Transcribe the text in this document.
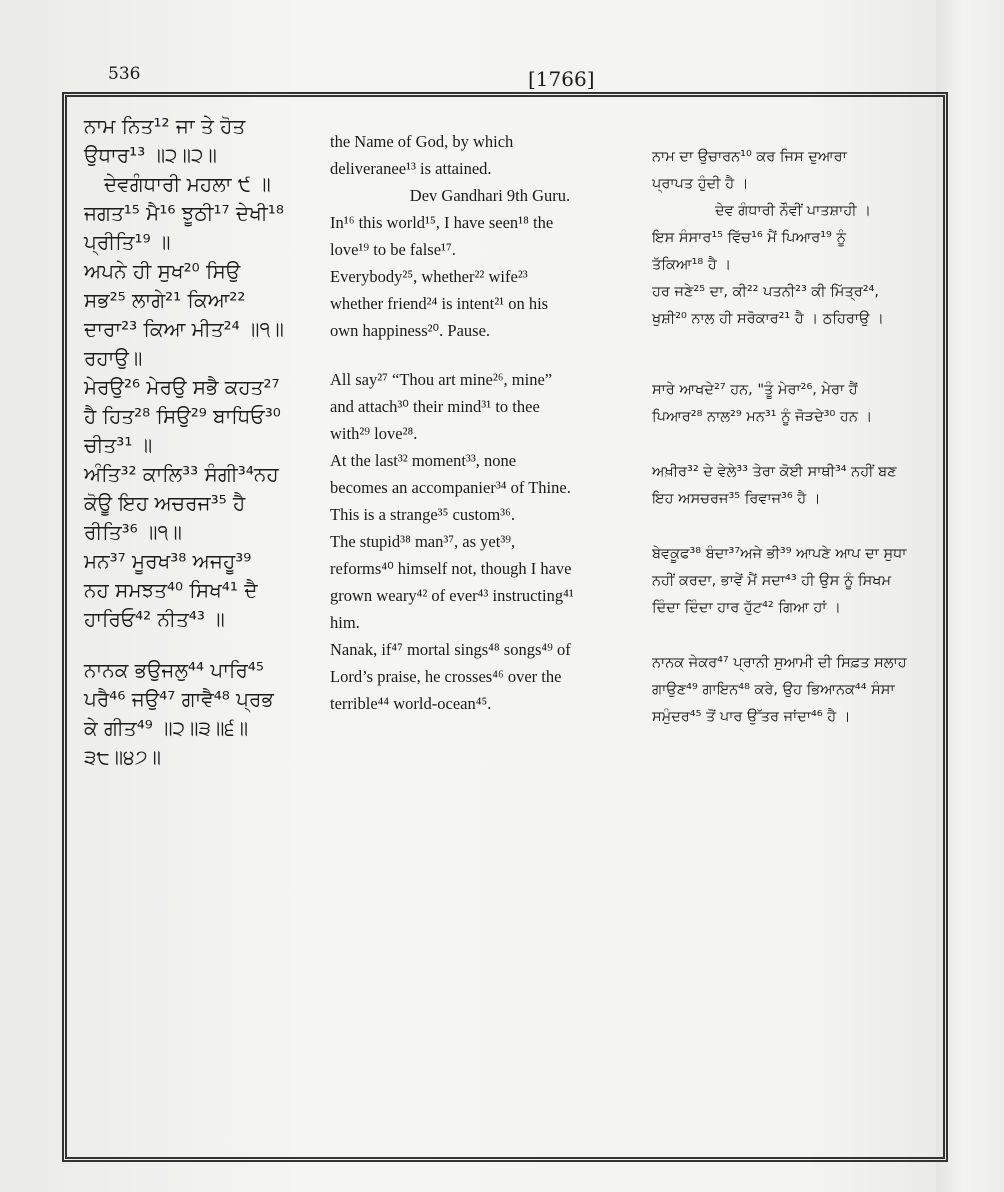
536	[1766]
ਨਾਮ ਨਿਤ¹² ਜਾ ਤੇ ਹੋਤ
ਉਧਾਰ¹³ ॥੨॥੨॥
ਦੇਵਗੰਧਾਰੀ ਮਹਲਾ ੯ ॥
ਜਗਤ¹⁵ ਮੈ¹⁶ ਝੂਠੀ¹⁷ ਦੇਖੀ¹⁸
ਪ੍ਰੀਤਿ¹⁹ ॥
ਅਪਨੇ ਹੀ ਸੁਖ²⁰ ਸਿਉ
ਸਭ²⁵ ਲਾਗੇ²¹ ਕਿਆ²²
ਦਾਰਾ²³ ਕਿਆ ਮੀਤ²⁴ ॥੧॥
ਰਹਾਉ॥
ਮੇਰਉ²⁶ ਮੇਰਉ ਸਭੈ ਕਹਤ²⁷
ਹੈ ਹਿਤ²⁸ ਸਿਉ²⁹ ਬਾਧਿਓ³⁰
ਚੀਤ³¹ ॥
ਅੰਤਿ³² ਕਾਲਿ³³ ਸੰਗੀ³⁴ਨਹ
ਕੋਊ ਇਹ ਅਚਰਜ³⁵ ਹੈ
ਰੀਤਿ³⁶ ॥੧॥
ਮਨ³⁷ ਮੂਰਖ³⁸ ਅਜਹੂ³⁹
ਨਹ ਸਮਝਤ⁴⁰ ਸਿਖ⁴¹ ਦੈ
ਹਾਰਿਓ⁴² ਨੀਤ⁴³ ॥
ਨਾਨਕ ਭਉਜਲੁ⁴⁴ ਪਾਰਿ⁴⁵
ਪਰੈ⁴⁶ ਜਉ⁴⁷ ਗਾਵੈ⁴⁸ ਪ੍ਰਭ
ਕੇ ਗੀਤ⁴⁹ ॥੨॥੩॥੬॥
੩੮॥੪੭॥
the Name of God, by which
deliveranee¹³ is attained.
Dev Gandhari 9th Guru.
In¹⁶ this world¹⁵, I have seen¹⁸ the
love¹⁹ to be false¹⁷.
Everybody²⁵, whether²² wife²³
whether friend²⁴ is intent²¹ on his
own happiness²⁰. Pause.
All say²⁷ “Thou art mine²⁶, mine”
and attach³⁰ their mind³¹ to thee
with²⁹ love²⁸.
At the last³² moment³³, none
becomes an accompanier³⁴ of Thine.
This is a strange³⁵ custom³⁶.
The stupid³⁸ man³⁷, as yet³⁹,
reforms⁴⁰ himself not, though I have
grown weary⁴² of ever⁴³ instructing⁴¹
him.
Nanak, if⁴⁷ mortal sings⁴⁸ songs⁴⁹ of
Lord’s praise, he crosses⁴⁶ over the
terrible⁴⁴ world-ocean⁴⁵.
ਨਾਮ ਦਾ ਉਚਾਰਨ¹⁰ ਕਰ ਜਿਸ ਦੁਆਰਾ
ਪ੍ਰਾਪਤ ਹੁੰਦੀ ਹੈ ।
ਦੇਵ ਗੰਧਾਰੀ ਨੌਵੀਂ ਪਾਤਸ਼ਾਹੀ ।
ਇਸ ਸੰਸਾਰ¹⁵ ਵਿੱਚ¹⁶ ਮੈਂ ਪਿਆਰ¹⁹ ਨੂੰ
ਤੱਕਿਆ¹⁸ ਹੈ ।
ਹਰ ਜਣੇ²⁵ ਦਾ, ਕੀ²² ਪਤਨੀ²³ ਕੀ ਮਿੱਤ੍ਰ²⁴,
ਖੁਸ਼ੀ²⁰ ਨਾਲ ਹੀ ਸਰੋਕਾਰ²¹ ਹੈ । ਠਹਿਰਾਉ ।
ਸਾਰੇ ਆਖਦੇ²⁷ ਹਨ, "ਤੂੰ ਮੇਰਾ²⁶, ਮੇਰਾ ਹੈਂ
ਪਿਆਰ²⁸ ਨਾਲ²⁹ ਮਨ³¹ ਨੂੰ ਜੋੜਦੇ³⁰ ਹਨ ।
ਅਖ਼ੀਰ³² ਦੇ ਵੇਲੇ³³ ਤੇਰਾ ਕੋਈ ਸਾਥੀ³⁴ ਨਹੀਂ ਬਣ
ਇਹ ਅਸਚਰਜ³⁵ ਰਿਵਾਜ³⁶ ਹੈ ।
ਬੇਵਕੂਫ³⁸ ਬੰਦਾ³⁷ਅਜੇ ਭੀ³⁹ ਆਪਣੇ ਆਪ ਦਾ ਸੁਧਾ
ਨਹੀਂ ਕਰਦਾ, ਭਾਵੇਂ ਮੈਂ ਸਦਾ⁴³ ਹੀ ਉਸ ਨੂੰ ਸਿਖਮ
ਦਿੰਦਾ ਦਿੰਦਾ ਹਾਰ ਹੁੱਟ⁴² ਗਿਆ ਹਾਂ ।
ਨਾਨਕ ਜੇਕਰ⁴⁷ ਪ੍ਰਾਨੀ ਸੁਆਮੀ ਦੀ ਸਿਫ਼ਤ ਸਲਾਹ
ਗਾਉਣ⁴⁹ ਗਾਇਨ⁴⁸ ਕਰੇ, ਉਹ ਭਿਆਨਕ⁴⁴ ਸੰਸਾ
ਸਮੁੰਦਰ⁴⁵ ਤੋਂ ਪਾਰ ਉੱਤਰ ਜਾਂਦਾ⁴⁶ ਹੈ ।
